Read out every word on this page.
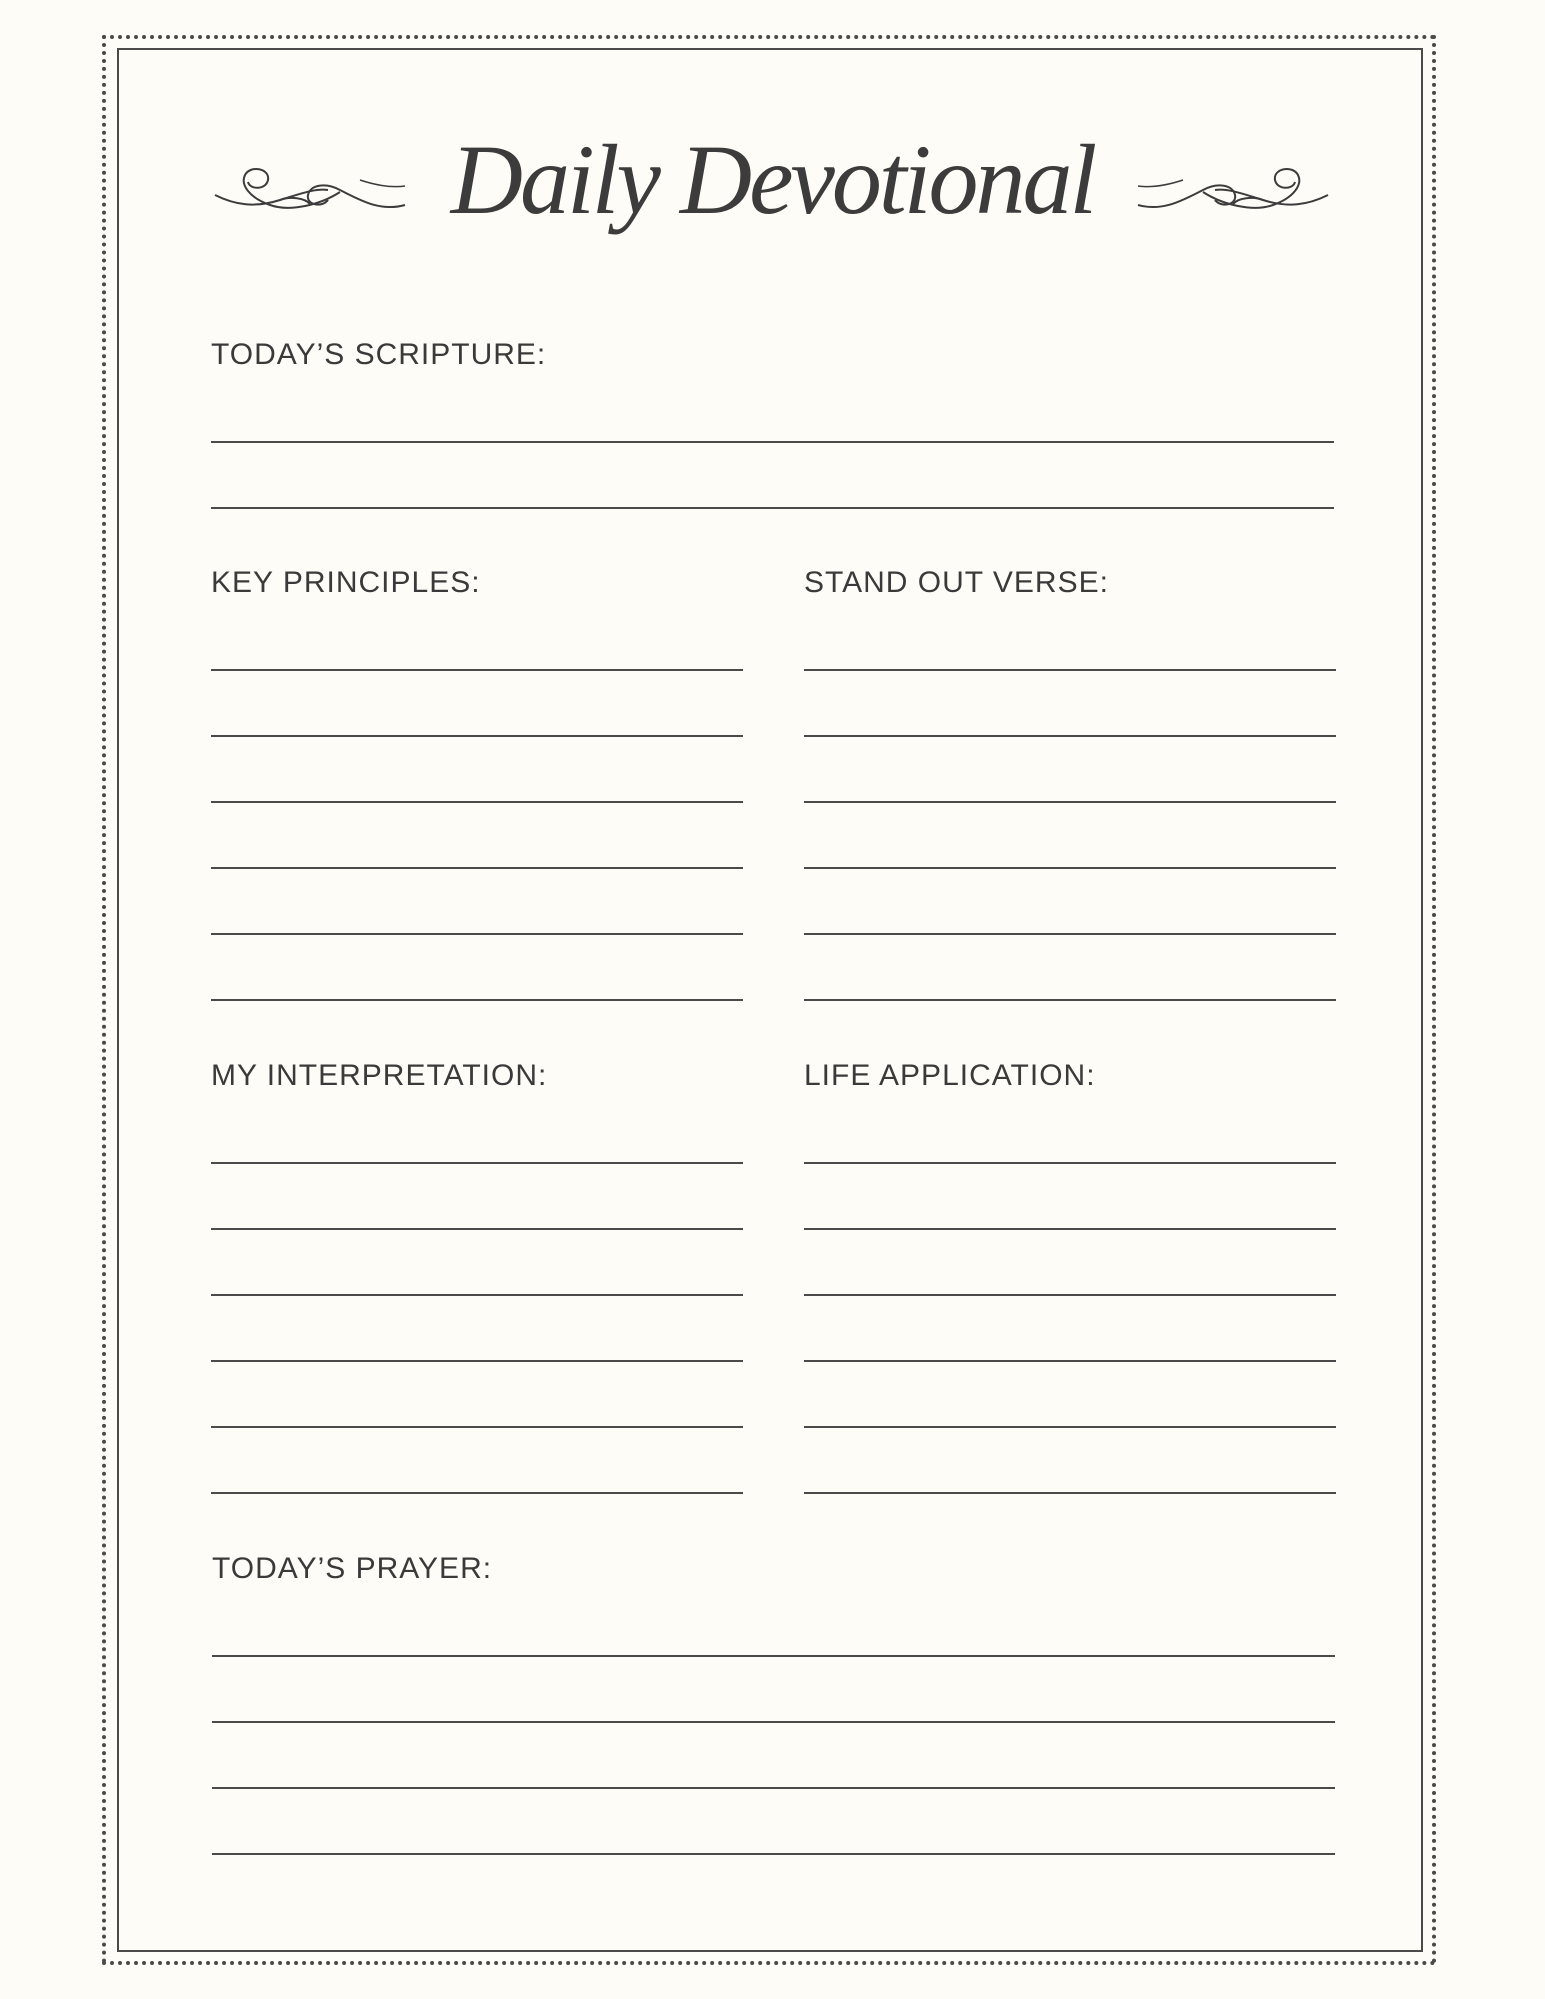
Daily Devotional
TODAY’S SCRIPTURE:
KEY PRINCIPLES:	STAND OUT VERSE:
MY INTERPRETATION:	LIFE APPLICATION:
TODAY’S PRAYER:
